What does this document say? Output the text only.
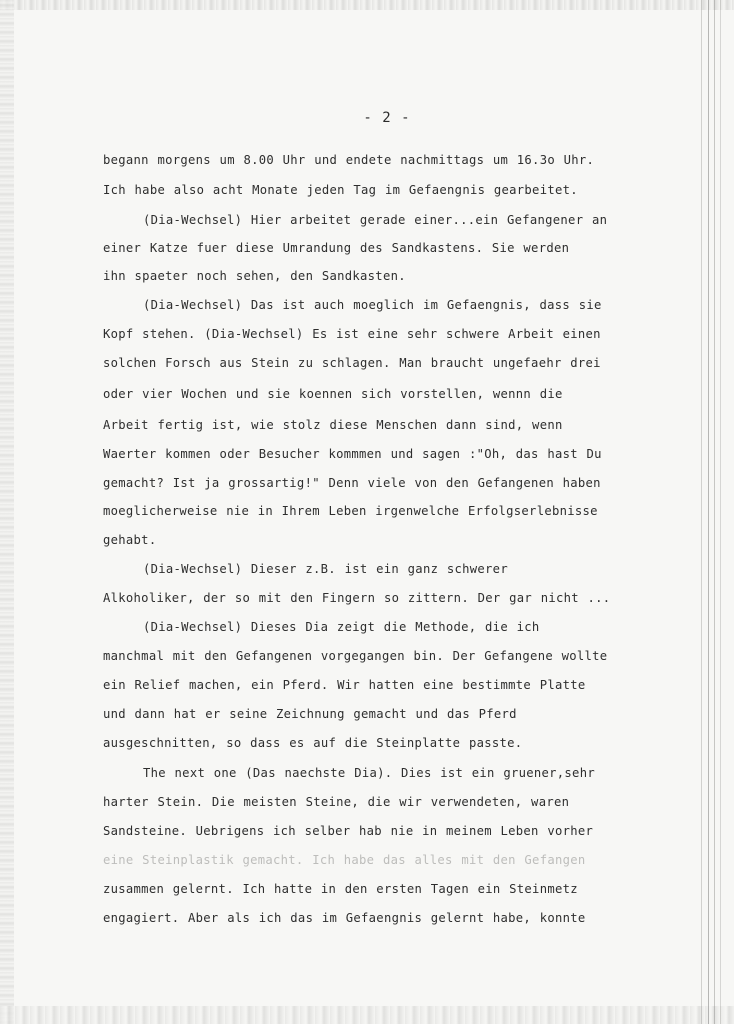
- 2 -
begann morgens um 8.00 Uhr und endete nachmittags um 16.3o Uhr.
Ich habe also acht Monate jeden Tag im Gefaengnis gearbeitet.
(Dia-Wechsel) Hier arbeitet gerade einer...ein Gefangener an
einer Katze fuer diese Umrandung des Sandkastens. Sie werden
ihn spaeter noch sehen, den Sandkasten.
(Dia-Wechsel) Das ist auch moeglich im Gefaengnis, dass sie
Kopf stehen. (Dia-Wechsel) Es ist eine sehr schwere Arbeit einen
solchen Forsch aus Stein zu schlagen. Man braucht ungefaehr drei
oder vier Wochen und sie koennen sich vorstellen, wennn die
Arbeit fertig ist, wie stolz diese Menschen dann sind, wenn
Waerter kommen oder Besucher kommmen und sagen :"Oh, das hast Du
gemacht? Ist ja grossartig!" Denn viele von den Gefangenen haben
moeglicherweise nie in Ihrem Leben irgenwelche Erfolgserlebnisse
gehabt.
(Dia-Wechsel) Dieser z.B. ist ein ganz schwerer
Alkoholiker, der so mit den Fingern so zittern. Der gar nicht ...
(Dia-Wechsel) Dieses Dia zeigt die Methode, die ich
manchmal mit den Gefangenen vorgegangen bin. Der Gefangene wollte
ein Relief machen, ein Pferd. Wir hatten eine bestimmte Platte
und dann hat er seine Zeichnung gemacht und das Pferd
ausgeschnitten, so dass es auf die Steinplatte passte.
The next one (Das naechste Dia). Dies ist ein gruener,sehr
harter Stein. Die meisten Steine, die wir verwendeten, waren
Sandsteine. Uebrigens ich selber hab nie in meinem Leben vorher
eine Steinplastik gemacht. Ich habe das alles mit den Gefangen
zusammen gelernt. Ich hatte in den ersten Tagen ein Steinmetz
engagiert. Aber als ich das im Gefaengnis gelernt habe, konnte
